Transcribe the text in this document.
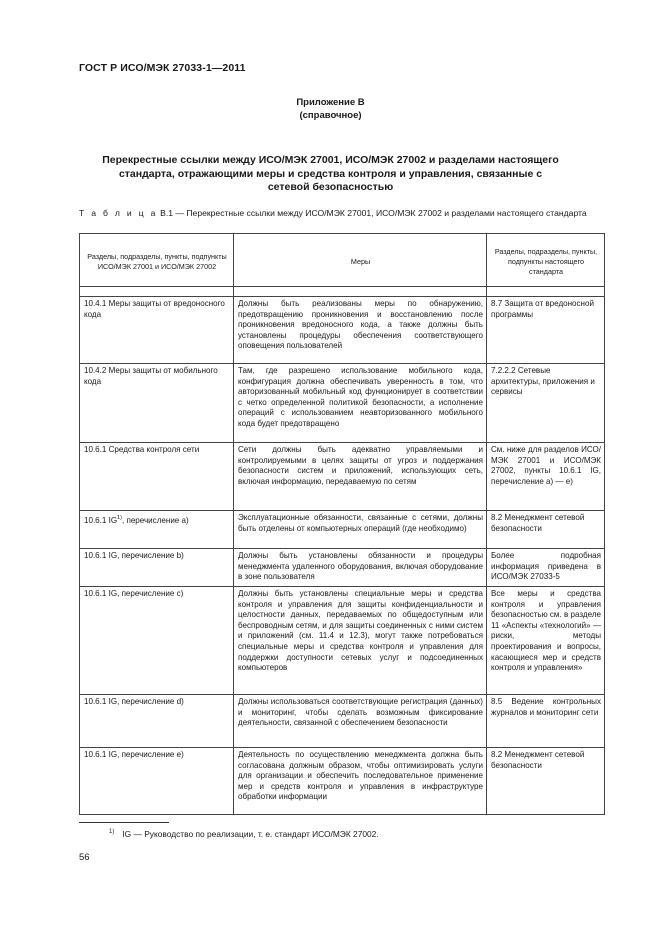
ГОСТ Р ИСО/МЭК 27033-1—2011
Приложение В
(справочное)
Перекрестные ссылки между ИСО/МЭК 27001, ИСО/МЭК 27002 и разделами настоящего стандарта, отражающими меры и средства контроля и управления, связанные с сетевой безопасностью
Т а б л и ц а В.1 — Перекрестные ссылки между ИСО/МЭК 27001, ИСО/МЭК 27002 и разделами настоящего стандарта
Разделы, подразделы, пункты, подпункты ИСО/МЭК 27001 и ИСО/МЭК 27002	Меры	Разделы, подразделы, пункты, подпункты настоящего стандарта

10.4.1 Меры защиты от вредоносного кода	Должны быть реализованы меры по обнаружению, предотвращению проникновения и восстановлению после проникновения вредоносного кода, а также должны быть установлены процедуры обеспечения соответствующего оповещения пользователей	8.7 Защита от вредоносной программы
10.4.2 Меры защиты от мобильного кода	Там, где разрешено использование мобильного кода, конфигурация должна обеспечивать уверенность в том, что авторизованный мобильный код функционирует в соответствии с четко определенной политикой безопасности, а исполнение операций с использованием неавторизованного мобильного кода будет предотвращено	7.2.2.2 Сетевые архитектуры, приложения и сервисы
10.6.1 Средства контроля сети	Сети должны быть адекватно управляемыми и контролируемыми в целях защиты от угроз и поддержания безопасности систем и приложений, использующих сеть, включая информацию, передаваемую по сетям	См. ниже для разделов ИСО/МЭК 27001 и ИСО/МЭК 27002, пункты 10.6.1 IG, перечисление а) — е)
10.6.1 IG$^{1)}$, перечисление а)	Эксплуатационные обязанности, связанные с сетями, должны быть отделены от компьютерных операций (где необходимо)	8.2 Менеджмент сетевой безопасности
10.6.1 IG, перечисление b)	Должны быть установлены обязанности и процедуры менеджмента удаленного оборудования, включая оборудование в зоне пользователя	Более подробная информация приведена в ИСО/МЭК 27033-5
10.6.1 IG, перечисление с)	Должны быть установлены специальные меры и средства контроля и управления для защиты конфиденциальности и целостности данных, передаваемых по общедоступным или беспроводным сетям, и для защиты соединенных с ними систем и приложений (см. 11.4 и 12.3), могут также потребоваться специальные меры и средства контроля и управления для поддержки доступности сетевых услуг и подсоединенных компьютеров	Все меры и средства контроля и управления безопасностью см. в разделе 11 «Аспекты «технологий» — риски, методы проектирования и вопросы, касающиеся мер и средств контроля и управления»
10.6.1 IG, перечисление d)	Должны использоваться соответствующие регистрация (данных) и мониторинг, чтобы сделать возможным фиксирование деятельности, связанной с обеспечением безопасности	8.5 Ведение контрольных журналов и мониторинг сети
10.6.1 IG, перечисление е)	Деятельность по осуществлению менеджмента должна быть согласована должным образом, чтобы оптимизировать услуги для организации и обеспечить последовательное применение мер и средств контроля и управления в инфраструктуре обработки информации	8.2 Менеджмент сетевой безопасности
$^{1)}$ IG — Руководство по реализации, т. е. стандарт ИСО/МЭК 27002.
56
